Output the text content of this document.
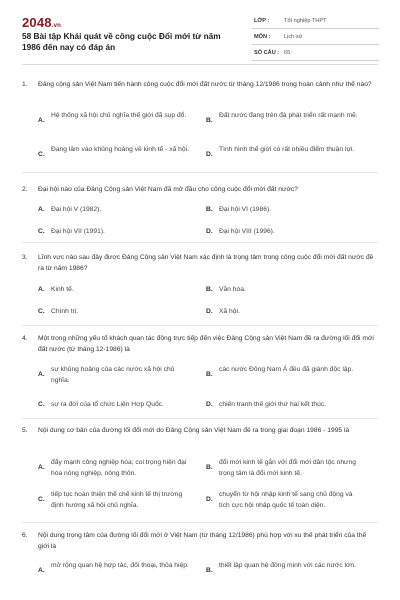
2048.vn
58 Bài tập Khái quát về công cuộc Đổi mới từ năm 1986 đến nay có đáp án
LỚP :	Tốt nghiệp THPT
MÔN : Lịch sử
SỐ CÂU : 65
1.	Đảng cộng sản Việt Nam tiến hành công cuộc đổi mới đất nước từ tháng 12/1986 trong hoàn cảnh như thế nào?
A.
Hệ thống xã hội chủ nghĩa thế giới đã sụp đổ.
B.
Đất nước đang trên đà phát triển rất mạnh mẽ.
C.
Đang lâm vào khủng hoảng về kinh tế - xã hội.
D.
Tình hình thế giới có rất nhiều điểm thuận lợi.
2.	Đại hội nào của Đảng Cộng sản Việt Nam đã mở đầu cho công cuộc đổi mới đất nước?
A. Đại hội V (1982).	B. Đại hội VI (1986).
C. Đại hội VII (1991).	D. Đại hội VIII (1996).
3.	Lĩnh vực nào sau đây được Đảng Cộng sản Việt Nam xác định là trọng tâm trong công cuộc đổi mới đất nước đề ra từ năm 1986?
A. Kinh tế.	B. Văn hóa.
C. Chính trị.	D. Xã hội.
4.	Một trong những yếu tố khách quan tác động trực tiếp đến việc Đảng Cộng sản Việt Nam đề ra đường lối đổi mới đất nước (từ tháng 12-1986) là
A.
sự khủng hoảng của các nước xã hội chủ nghĩa.
B.
các nước Đông Nam Á đều đã giành độc lập.
C. sự ra đời của tổ chức Liên Hợp Quốc.	D. chiến tranh thế giới thứ hai kết thúc.
5.	Nội dung cơ bản của đường lối đổi mới do Đảng Cộng sản Việt Nam đề ra trong giai đoạn 1986 - 1995 là
A.
đẩy mạnh công nghiệp hóa; coi trọng hiện đại hóa nông nghiệp, nông thôn.
B.
đổi mới kinh tế gắn với đổi mới dân tộc nhưng trọng tâm là đổi mới kinh tế.
C.
tiếp tục hoàn thiện thể chế kinh tế thị trường định hướng xã hội chủ nghĩa.
D.
chuyển từ hội nhập kinh tế sang chủ động và tích cực hội nhập quốc tế toàn diện.
6.	Nội dung trọng tâm của đường lối đổi mới ở Việt Nam (từ tháng 12/1986) phù hợp với xu thế phát triển của thế giới là
A.
mở rộng quan hệ hợp tác, đối thoại, thỏa hiệp.
B.
thiết lập quan hệ đồng minh với các nước lớn.
